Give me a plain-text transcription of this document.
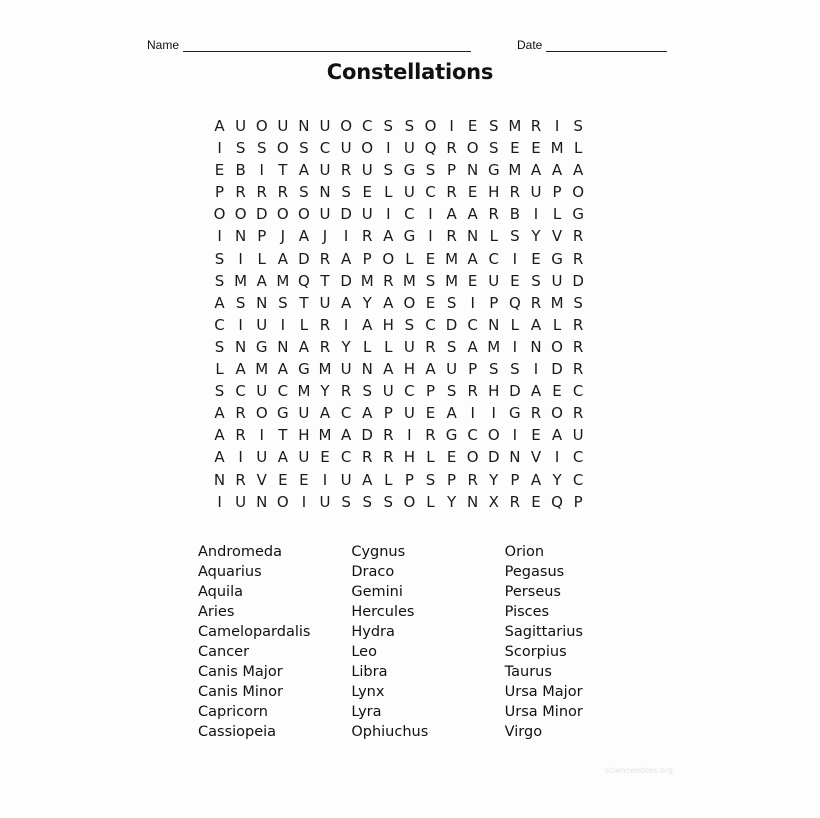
Name	Date
Constellations
A U O U N U O C S S O I E S M R I S
I S S O S C U O I U Q R O S E E M L
E B I T A U R U S G S P N G M A A A
P R R R S N S E L U C R E H R U P O
O O D O O U D U I C I A A R B I L G
I N P J A J	I R A G I R N L S Y V R
S I L A D R A P O L E M A C I E G R
S M A M Q T D M R M S M E U E S U D
A S N S T U A Y A O E S I P Q R M S
C I U I L R I A H S C D C N L A L R
S N G N A R Y L L U R S A M I N O R
L A M A G M U N A H A U P S S I D R
S C U C M Y R S U C P S R H D A E C
A R O G U A C A P U E A I	I G R O R
A R I T H M A D R I R G C O I E A U
A I U A U E C R R H L E O D N V I C
N R V E E I U A L P S P R Y P A Y C
I U N O I U S S S O L Y N X R E Q P
Andromeda
Aquarius
Aquila
Aries
Camelopardalis
Cancer
Canis Major
Canis Minor
Capricorn
Cassiopeia
Cygnus
Draco
Gemini
Hercules
Hydra
Leo
Libra
Lynx
Lyra
Ophiuchus
Orion
Pegasus
Perseus
Pisces
Sagittarius
Scorpius
Taurus
Ursa Major
Ursa Minor
Virgo
sciencenotes.org
